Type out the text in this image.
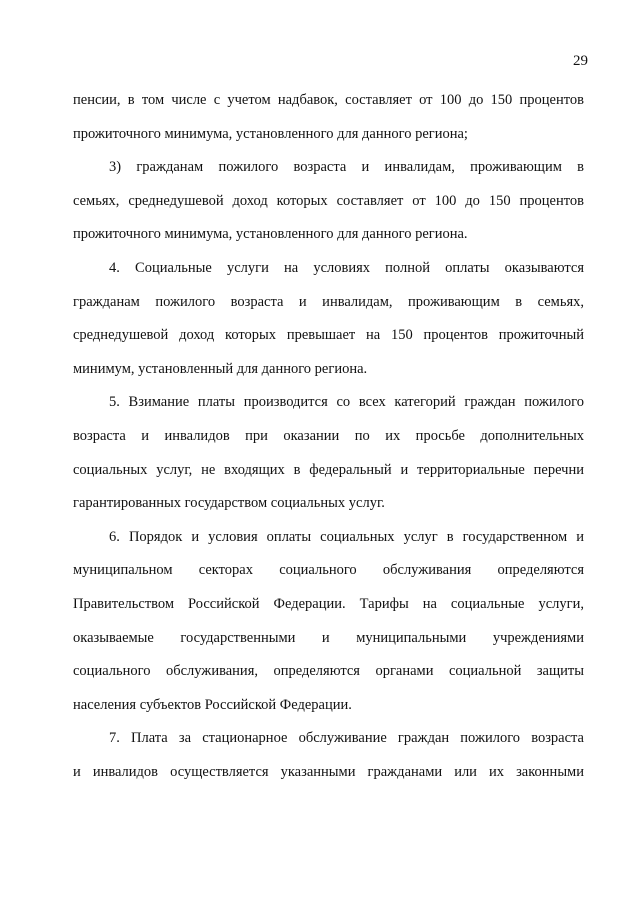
29

пенсии, в том числе с учетом надбавок, составляет от 100 до 150 процентов

прожиточного минимума, установленного для данного региона;

3) гражданам пожилого возраста и инвалидам, проживающим в

семьях, среднедушевой доход которых составляет от 100 до 150 процентов

прожиточного минимума, установленного для данного региона.

4. Социальные услуги на условиях полной оплаты оказываются

гражданам пожилого возраста и инвалидам, проживающим в семьях,

среднедушевой доход которых превышает на 150 процентов прожиточный

минимум, установленный для данного региона.

5. Взимание платы производится со всех категорий граждан пожилого

возраста и инвалидов при оказании по их просьбе дополнительных

социальных услуг, не входящих в федеральный и территориальные перечни

гарантированных государством социальных услуг.

6. Порядок и условия оплаты социальных услуг в государственном и

муниципальном секторах социального обслуживания определяются

Правительством Российской Федерации. Тарифы на социальные услуги,

оказываемые государственными и муниципальными учреждениями

социального обслуживания, определяются органами социальной защиты

населения субъектов Российской Федерации.

7. Плата за стационарное обслуживание граждан пожилого возраста

и инвалидов осуществляется указанными гражданами или их законными
